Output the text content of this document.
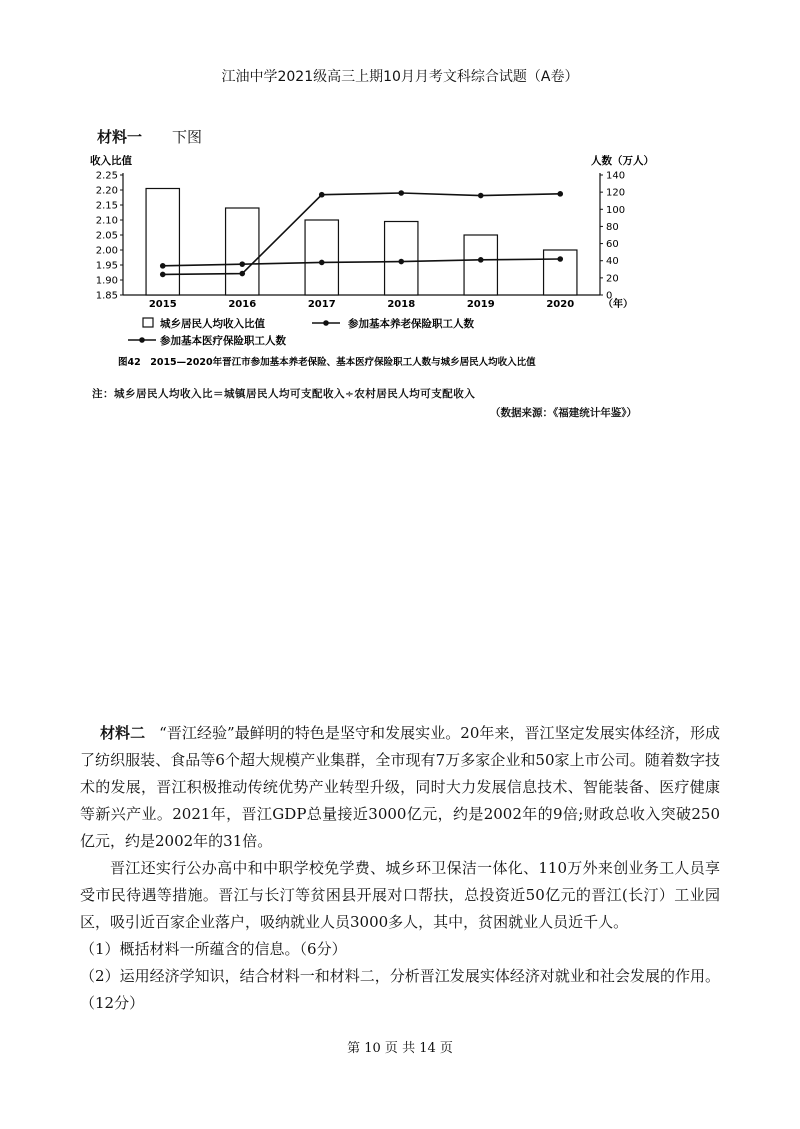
江油中学2021级高三上期10月月考文科综合试题（A卷）
材料一 下图
收入比值	人数（万人）
2.25
2.20
2.15
2.10
2.05
2.00
1.95
1.90
1.85
140
120
100
80
60
40
20
0
2015	2016	2017	2018	2019	2020	（年）
城乡居民人均收入比值	参加基本养老保险职工人数
参加基本医疗保险职工人数
图42　2015—2020年晋江市参加基本养老保险、基本医疗保险职工人数与城乡居民人均收入比值
注：城乡居民人均收入比＝城镇居民人均可支配收入÷农村居民人均可支配收入
（数据来源：《福建统计年鉴》）

材料二 “晋江经验”最鲜明的特色是坚守和发展实业。20年来，晋江坚定发展实体经济，形成了纺织服装、食品等6个超大规模产业集群，全市现有7万多家企业和50家上市公司。随着数字技术的发展，晋江积极推动传统优势产业转型升级，同时大力发展信息技术、智能装备、医疗健康等新兴产业。2021年，晋江GDP总量接近3000亿元，约是2002年的9倍;财政总收入突破250亿元，约是2002年的31倍。

晋江还实行公办高中和中职学校免学费、城乡环卫保洁一体化、110万外来创业务工人员享受市民待遇等措施。晋江与长汀等贫困县开展对口帮扶，总投资近50亿元的晋江(长汀）工业园区，吸引近百家企业落户，吸纳就业人员3000多人，其中，贫困就业人员近千人。

（1）概括材料一所蕴含的信息。（6分）

（2）运用经济学知识，结合材料一和材料二，分析晋江发展实体经济对就业和社会发展的作用。（12分）

第 10 页 共 14 页
